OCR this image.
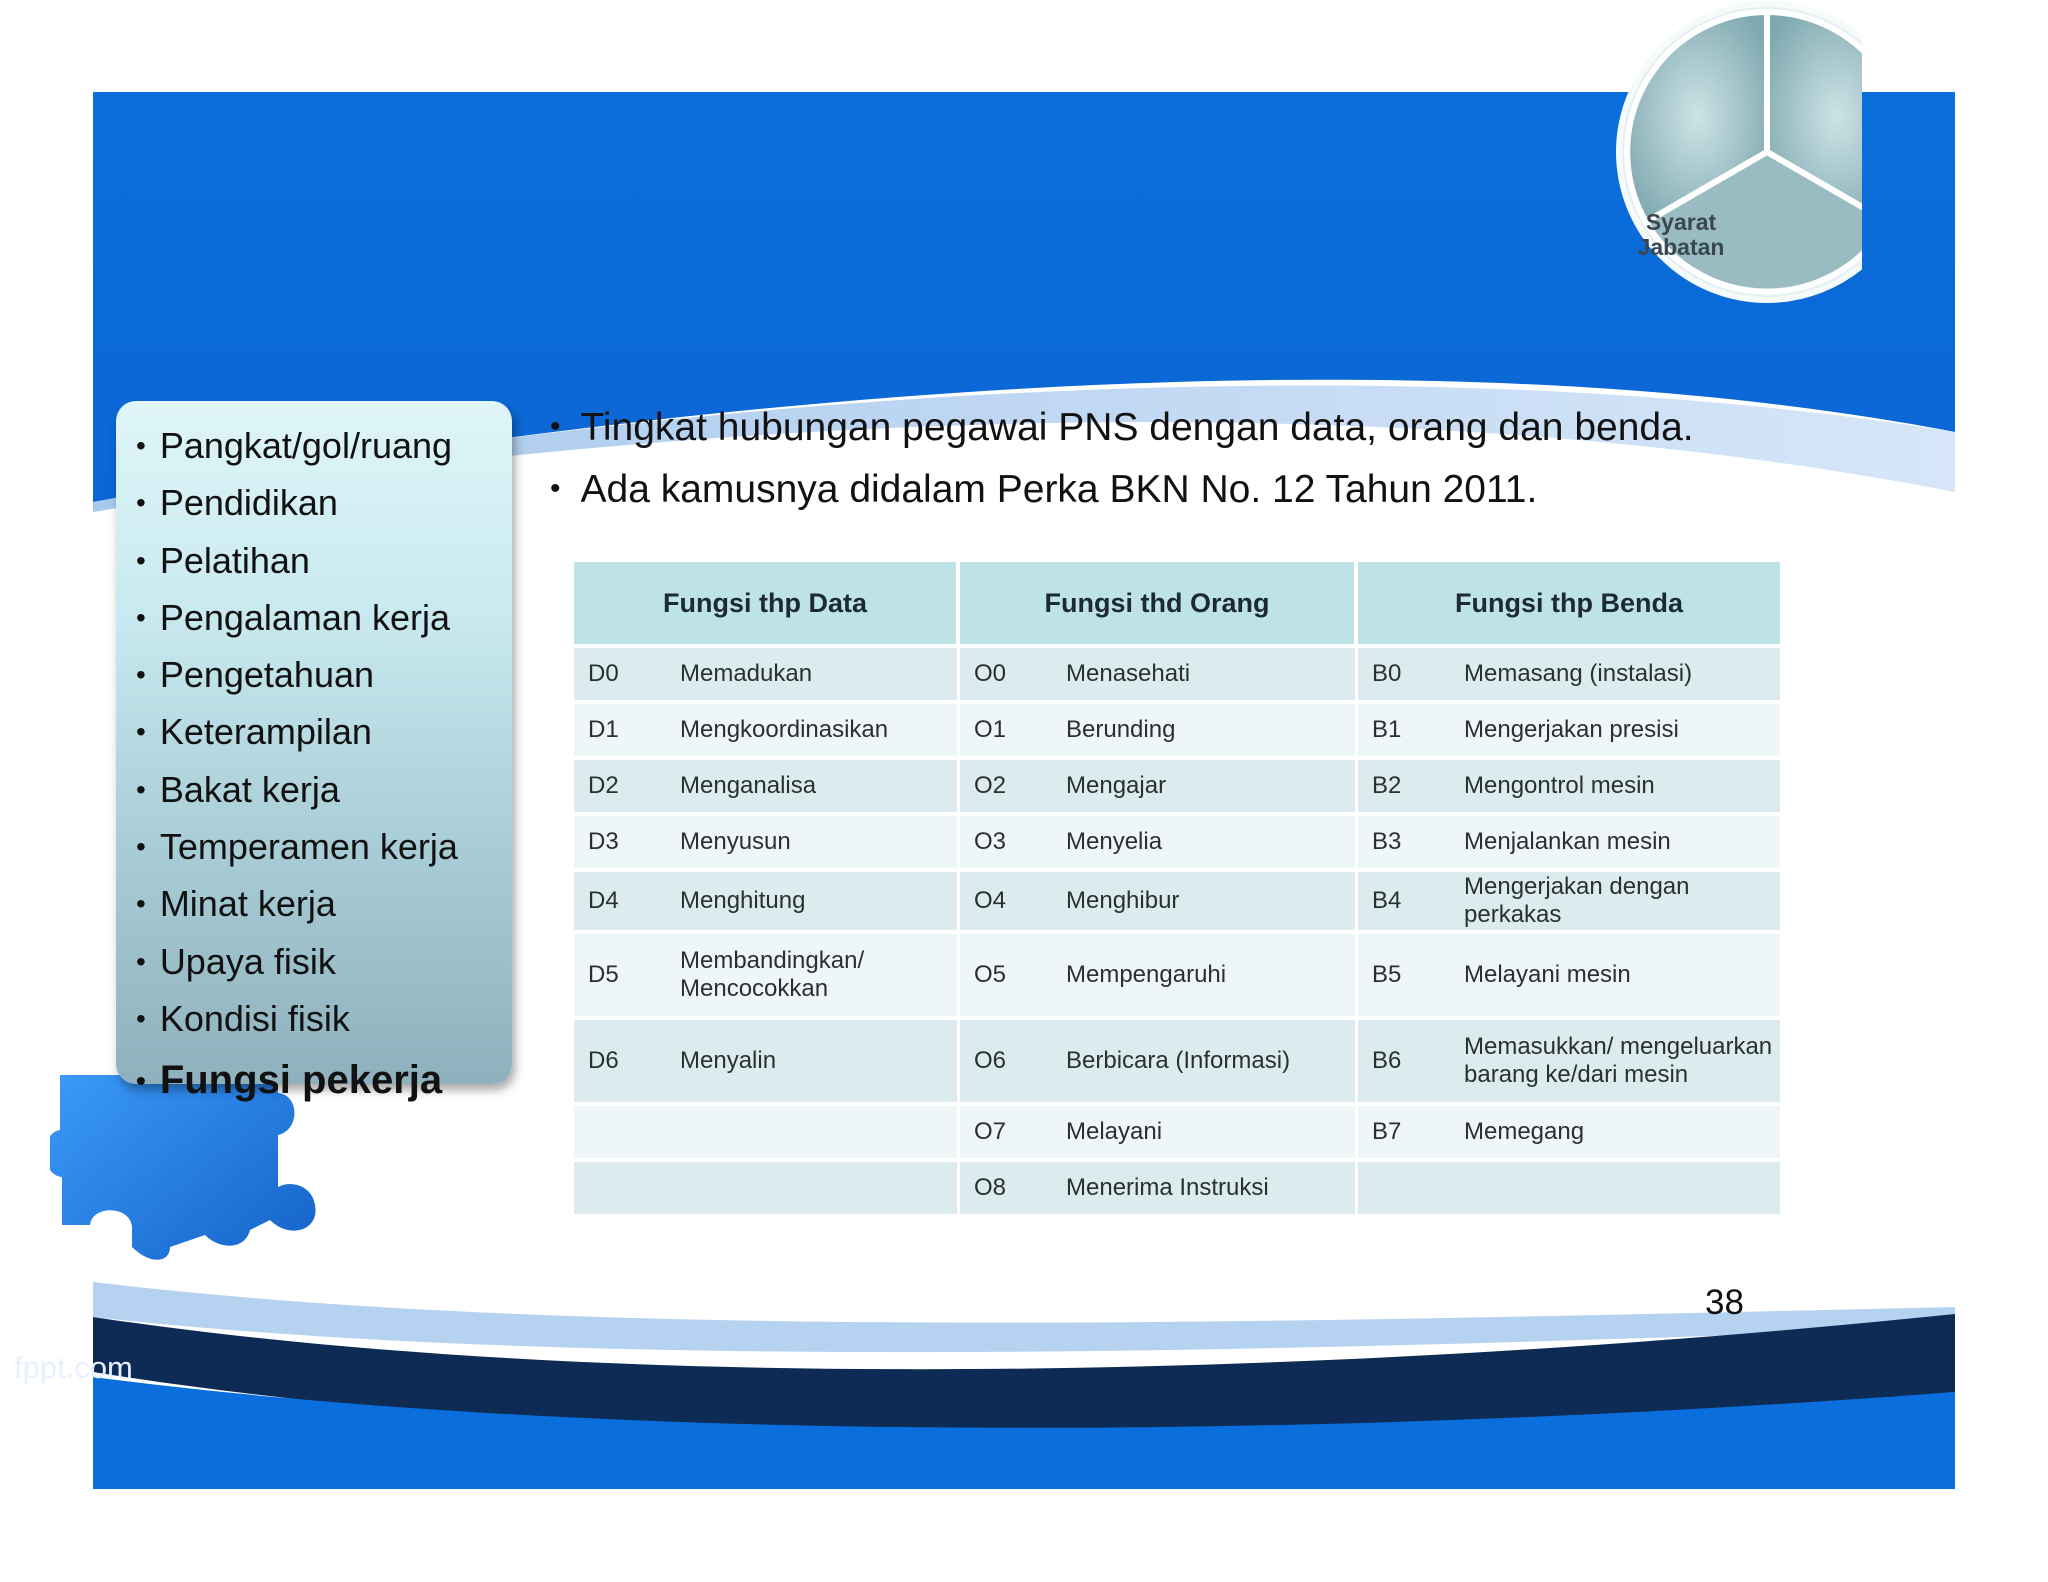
Syarat Jabatan
• Pangkat/gol/ruang
• Pendidikan
• Pelatihan
• Pengalaman kerja
• Pengetahuan
• Keterampilan
• Bakat kerja
• Temperamen kerja
• Minat kerja
• Upaya fisik
• Kondisi fisik
• Fungsi pekerja
• Tingkat hubungan pegawai PNS dengan data, orang dan benda.
• Ada kamusnya didalam Perka BKN No. 12 Tahun 2011.
Fungsi thp Data		Fungsi thd Orang		Fungsi thp Benda	
D0	Memadukan	O0	Menasehati	B0	Memasang (instalasi)
D1	Mengkoordinasikan	O1	Berunding	B1	Mengerjakan presisi
D2	Menganalisa	O2	Mengajar	B2	Mengontrol mesin
D3	Menyusun	O3	Menyelia	B3	Menjalankan mesin
D4	Menghitung	O4	Menghibur	B4	Mengerjakan dengan perkakas
D5	Membandingkan/ Mencocokkan	O5	Mempengaruhi	B5	Melayani mesin
D6	Menyalin	O6	Berbicara (Informasi)	B6	Memasukkan/ mengeluarkan barang ke/dari mesin
		O7	Melayani	B7	Memegang
		O8	Menerima Instruksi		
38
fppt.com
